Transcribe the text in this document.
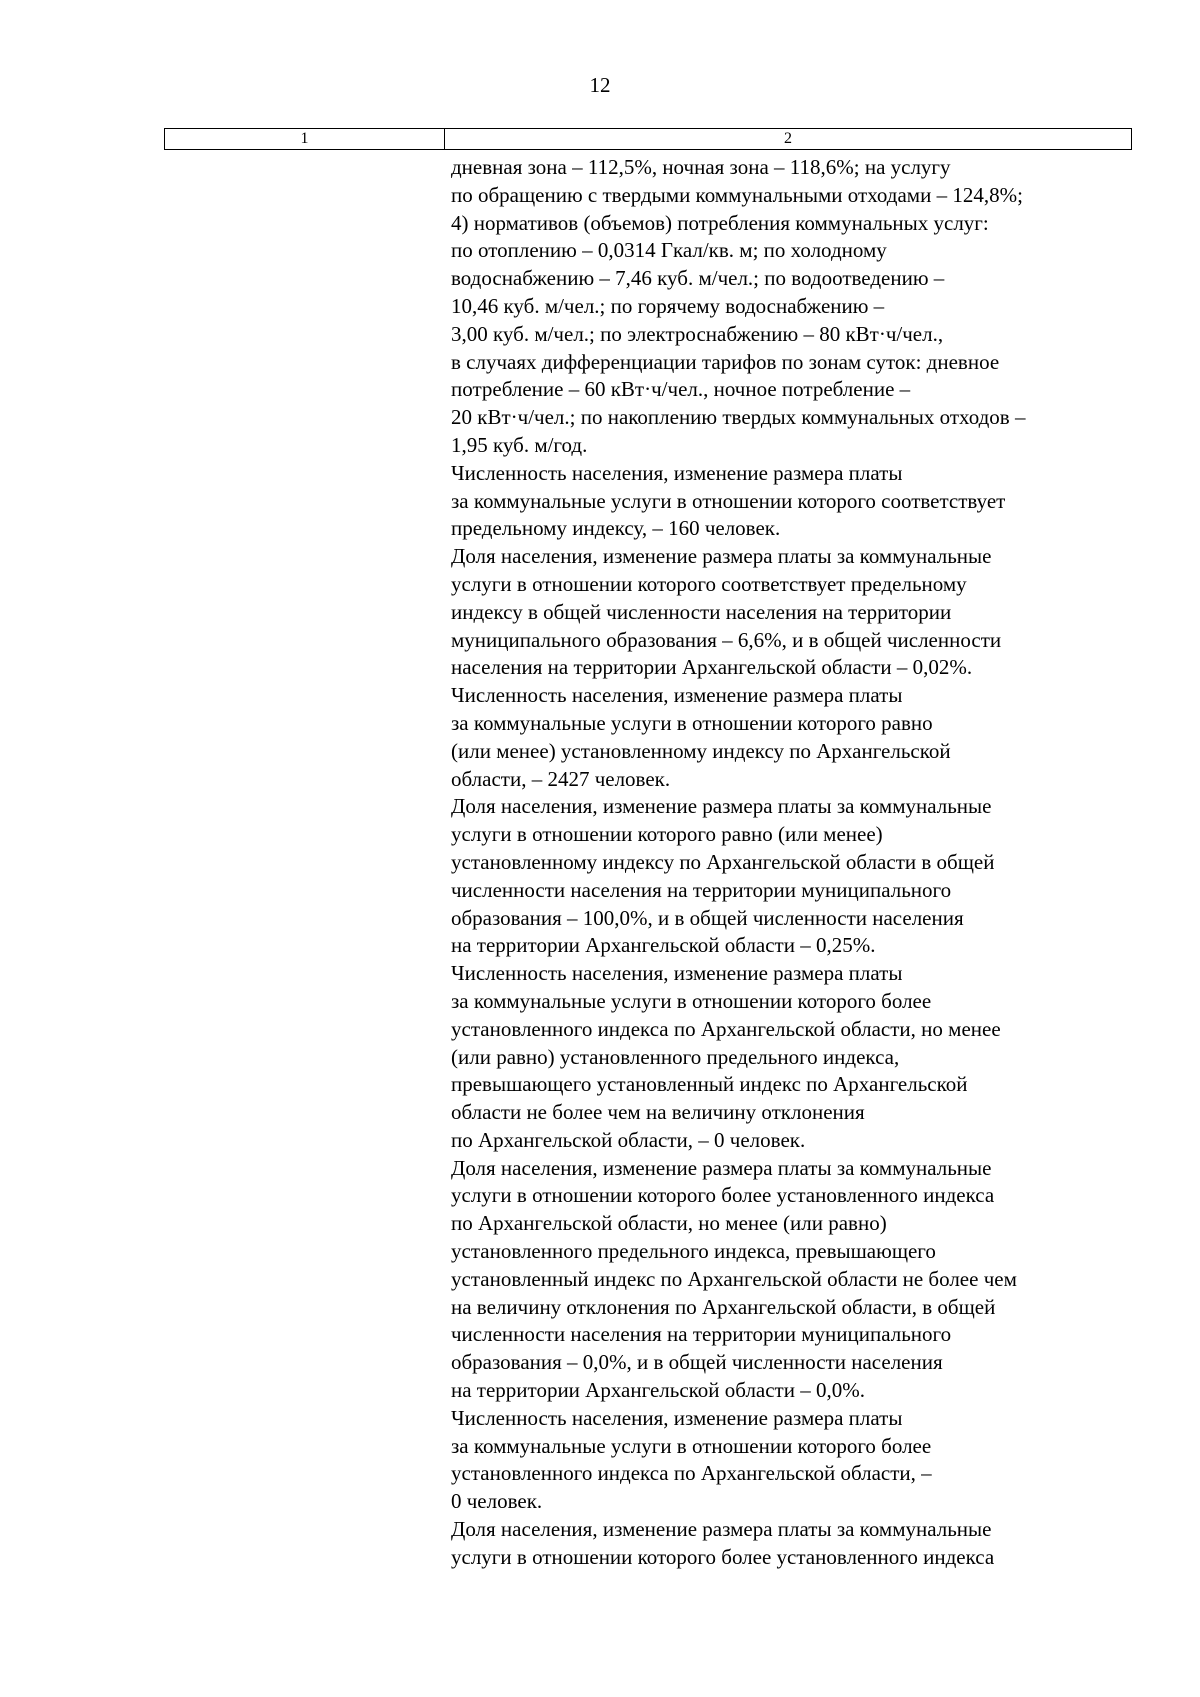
12
1	2
дневная зона – 112,5%, ночная зона – 118,6%; на услугу
по обращению с твердыми коммунальными отходами – 124,8%;
4) нормативов (объемов) потребления коммунальных услуг:
по отоплению – 0,0314 Гкал/кв. м; по холодному
водоснабжению – 7,46 куб. м/чел.; по водоотведению –
10,46 куб. м/чел.; по горячему водоснабжению –
3,00 куб. м/чел.; по электроснабжению – 80 кВт·ч/чел.,
в случаях дифференциации тарифов по зонам суток: дневное
потребление – 60 кВт·ч/чел., ночное потребление –
20 кВт·ч/чел.; по накоплению твердых коммунальных отходов –
1,95 куб. м/год.
Численность населения, изменение размера платы
за коммунальные услуги в отношении которого соответствует
предельному индексу, – 160 человек.
Доля населения, изменение размера платы за коммунальные
услуги в отношении которого соответствует предельному
индексу в общей численности населения на территории
муниципального образования – 6,6%, и в общей численности
населения на территории Архангельской области – 0,02%.
Численность населения, изменение размера платы
за коммунальные услуги в отношении которого равно
(или менее) установленному индексу по Архангельской
области, – 2427 человек.
Доля населения, изменение размера платы за коммунальные
услуги в отношении которого равно (или менее)
установленному индексу по Архангельской области в общей
численности населения на территории муниципального
образования – 100,0%, и в общей численности населения
на территории Архангельской области – 0,25%.
Численность населения, изменение размера платы
за коммунальные услуги в отношении которого более
установленного индекса по Архангельской области, но менее
(или равно) установленного предельного индекса,
превышающего установленный индекс по Архангельской
области не более чем на величину отклонения
по Архангельской области, – 0 человек.
Доля населения, изменение размера платы за коммунальные
услуги в отношении которого более установленного индекса
по Архангельской области, но менее (или равно)
установленного предельного индекса, превышающего
установленный индекс по Архангельской области не более чем
на величину отклонения по Архангельской области, в общей
численности населения на территории муниципального
образования – 0,0%, и в общей численности населения
на территории Архангельской области – 0,0%.
Численность населения, изменение размера платы
за коммунальные услуги в отношении которого более
установленного индекса по Архангельской области, –
0 человек.
Доля населения, изменение размера платы за коммунальные
услуги в отношении которого более установленного индекса
